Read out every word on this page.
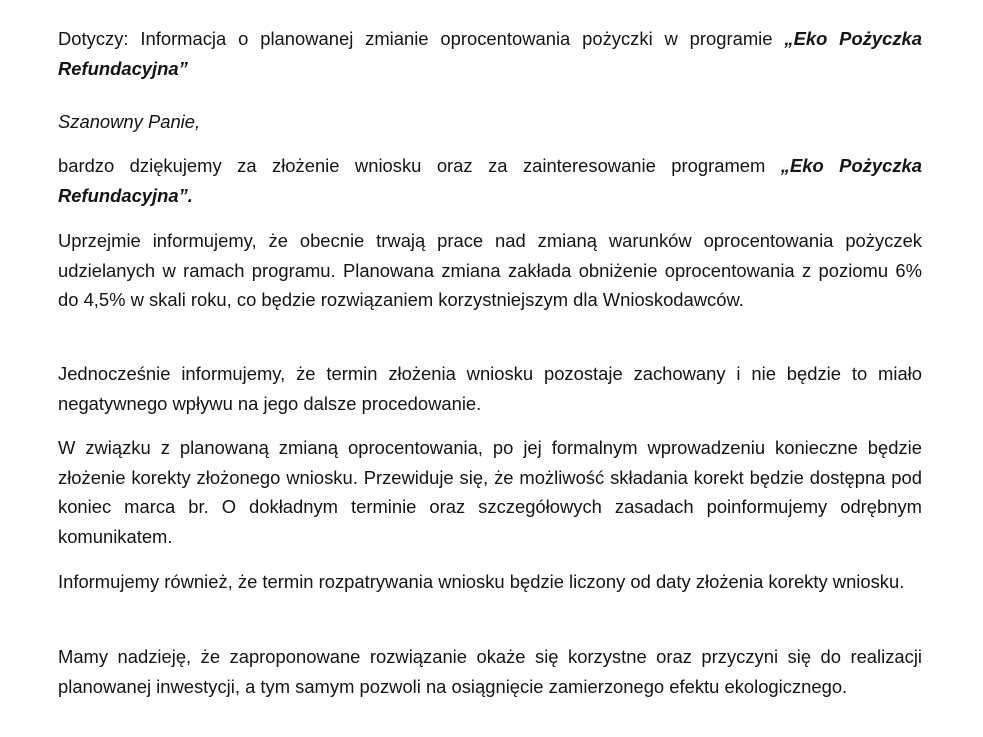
Dotyczy: Informacja o planowanej zmianie oprocentowania pożyczki w programie „Eko Pożyczka Refundacyjna”

Szanowny Panie,

bardzo dziękujemy za złożenie wniosku oraz za zainteresowanie programem „Eko Pożyczka Refundacyjna”.

Uprzejmie informujemy, że obecnie trwają prace nad zmianą warunków oprocentowania pożyczek udzielanych w ramach programu. Planowana zmiana zakłada obniżenie oprocentowania z poziomu 6% do 4,5% w skali roku, co będzie rozwiązaniem korzystniejszym dla Wnioskodawców.

Jednocześnie informujemy, że termin złożenia wniosku pozostaje zachowany i nie będzie to miało negatywnego wpływu na jego dalsze procedowanie.

W związku z planowaną zmianą oprocentowania, po jej formalnym wprowadzeniu konieczne będzie złożenie korekty złożonego wniosku. Przewiduje się, że możliwość składania korekt będzie dostępna pod koniec marca br. O dokładnym terminie oraz szczegółowych zasadach poinformujemy odrębnym komunikatem.

Informujemy również, że termin rozpatrywania wniosku będzie liczony od daty złożenia korekty wniosku.

Mamy nadzieję, że zaproponowane rozwiązanie okaże się korzystne oraz przyczyni się do realizacji planowanej inwestycji, a tym samym pozwoli na osiągnięcie zamierzonego efektu ekologicznego.
